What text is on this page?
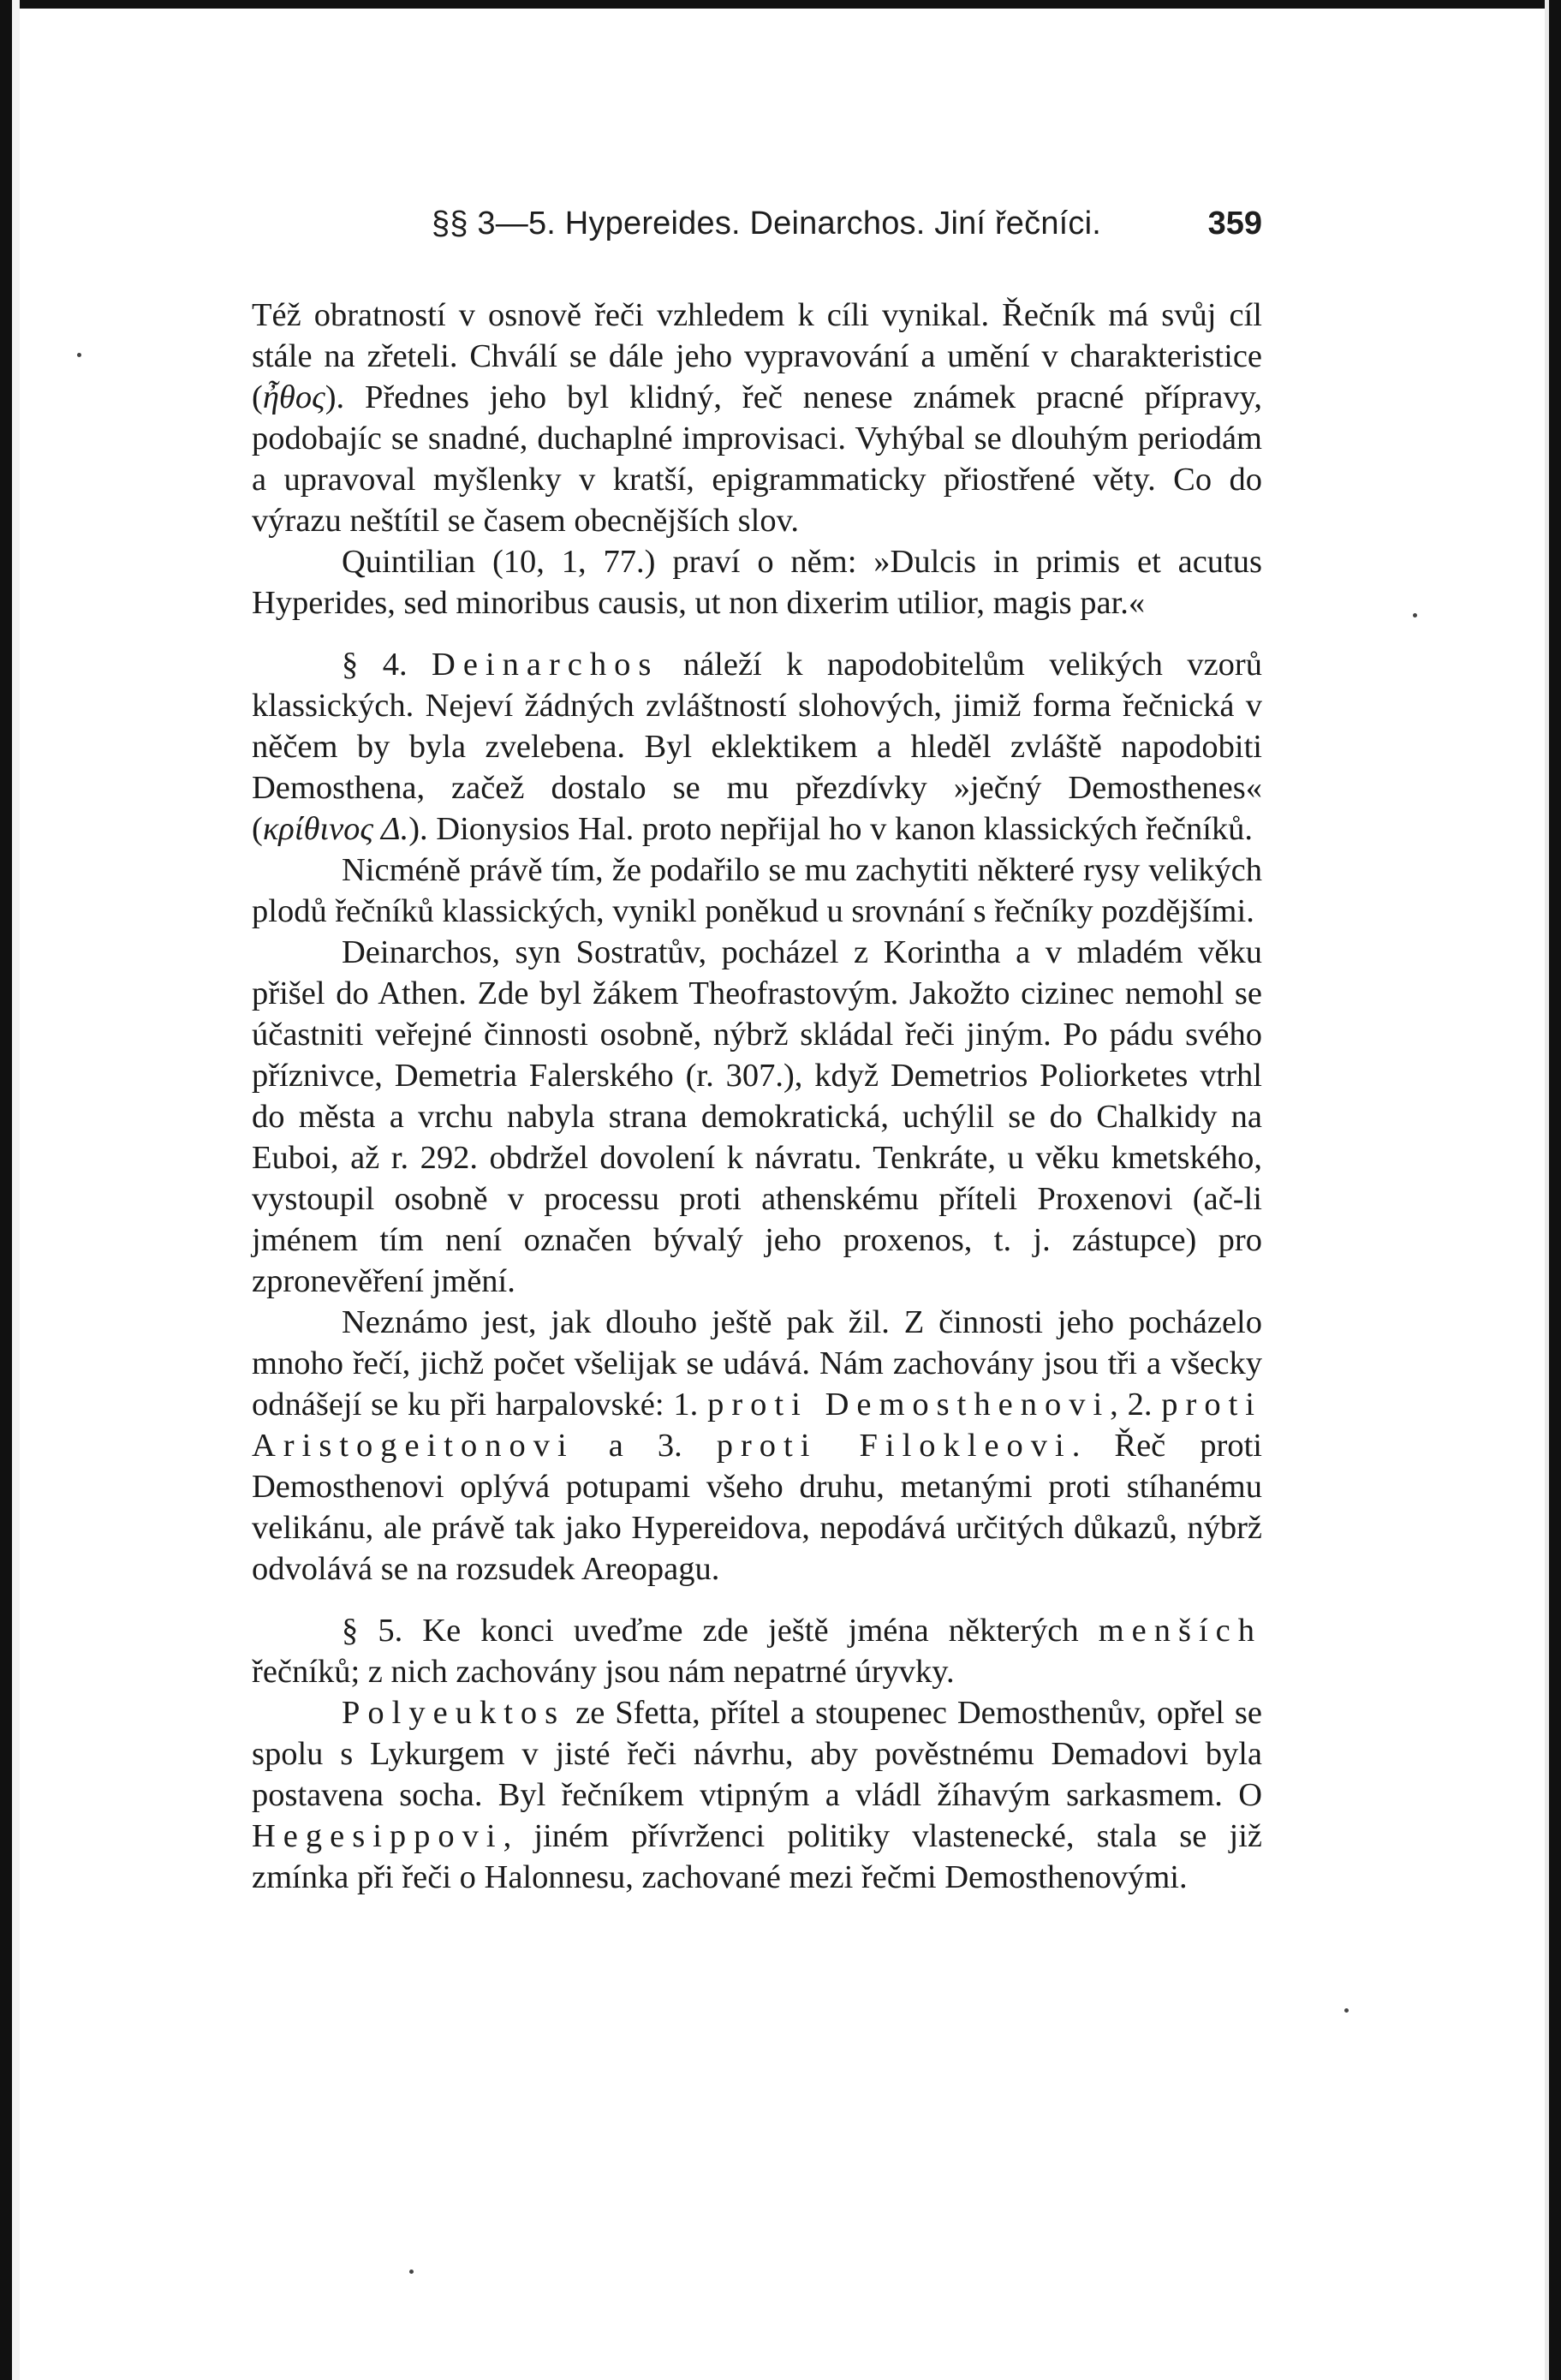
§§ 3—5. Hypereides. Deinarchos. Jiní řečníci.	359

Též obratností v osnově řeči vzhledem k cíli vynikal. Řečník má svůj cíl stále na zřeteli. Chválí se dále jeho vypravování a umění v charakteristice (ἦθος). Přednes jeho byl klidný, řeč nenese známek pracné přípravy, podobajíc se snadné, duchaplné improvisaci. Vyhýbal se dlouhým periodám a upravoval myšlenky v kratší, epigrammaticky přiostřené věty. Co do výrazu neštítil se časem obecnějších slov.

Quintilian (10, 1, 77.) praví o něm: »Dulcis in primis et acutus Hyperides, sed minoribus causis, ut non dixerim utilior, magis par.«

§ 4. Deinarchos náleží k napodobitelům velikých vzorů klassických. Nejeví žádných zvláštností slohových, jimiž forma řečnická v něčem by byla zvelebena. Byl eklektikem a hleděl zvláště napodobiti Demosthena, začež dostalo se mu přezdívky »ječný Demosthenes« (κρίθινος Δ.). Dionysios Hal. proto nepřijal ho v kanon klassických řečníků.

Nicméně právě tím, že podařilo se mu zachytiti některé rysy velikých plodů řečníků klassických, vynikl poněkud u srovnání s řečníky pozdějšími.

Deinarchos, syn Sostratův, pocházel z Korintha a v mladém věku přišel do Athen. Zde byl žákem Theofrastovým. Jakožto cizinec nemohl se účastniti veřejné činnosti osobně, nýbrž skládal řeči jiným. Po pádu svého příznivce, Demetria Falerského (r. 307.), když Demetrios Poliorketes vtrhl do města a vrchu nabyla strana demokratická, uchýlil se do Chalkidy na Euboi, až r. 292. obdržel dovolení k návratu. Tenkráte, u věku kmetského, vystoupil osobně v processu proti athenskému příteli Proxenovi (ač-li jménem tím není označen bývalý jeho proxenos, t. j. zástupce) pro zpronevěření jmění.

Neznámo jest, jak dlouho ještě pak žil. Z činnosti jeho pocházelo mnoho řečí, jichž počet všelijak se udává. Nám zachovány jsou tři a všecky odnášejí se ku při harpalovské: 1. proti Demosthenovi, 2. proti Aristogeitonovi a 3. proti Filokleovi. Řeč proti Demosthenovi oplývá potupami všeho druhu, metanými proti stíhanému velikánu, ale právě tak jako Hypereidova, nepodává určitých důkazů, nýbrž odvolává se na rozsudek Areopagu.

§ 5. Ke konci uveďme zde ještě jména některých menších řečníků; z nich zachovány jsou nám nepatrné úryvky.

Polyeuktos ze Sfetta, přítel a stoupenec Demosthenův, opřel se spolu s Lykurgem v jisté řeči návrhu, aby pověstnému Demadovi byla postavena socha. Byl řečníkem vtipným a vládl žíhavým sarkasmem. O Hegesippovi, jiném přívrženci politiky vlastenecké, stala se již zmínka při řeči o Halonnesu, zachované mezi řečmi Demosthenovými.
